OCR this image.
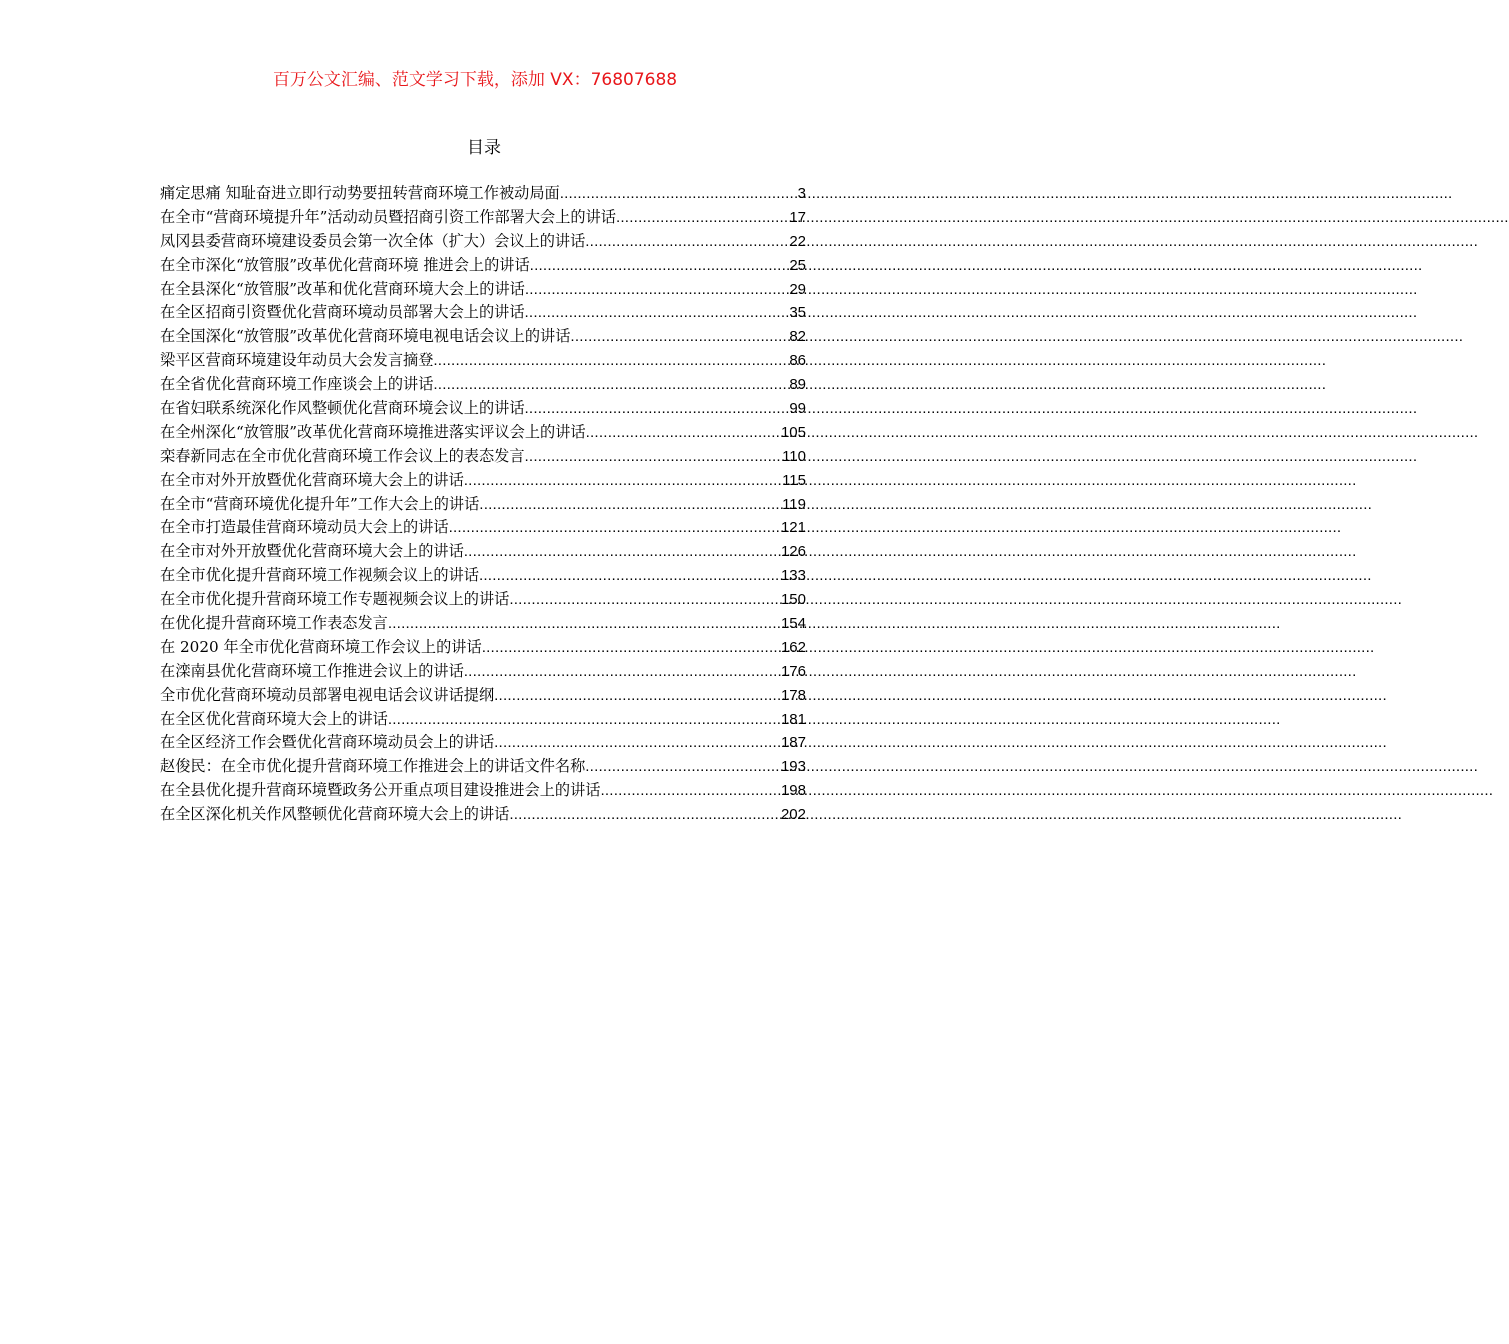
百万公文汇编、范文学习下载，添加 VX：76807688
目录
痛定思痛 知耻奋进立即行动势要扭转营商环境工作被动局面 .....	3
在全市“营商环境提升年”活动动员暨招商引资工作部署大会上的讲话 .....	17
凤冈县委营商环境建设委员会第一次全体（扩大）会议上的讲话 .....	22
在全市深化“放管服”改革优化营商环境 推进会上的讲话 .....	25
在全县深化“放管服”改革和优化营商环境大会上的讲话 .....	29
在全区招商引资暨优化营商环境动员部署大会上的讲话 .....	35
在全国深化“放管服”改革优化营商环境电视电话会议上的讲话 .....	82
梁平区营商环境建设年动员大会发言摘登 .....	86
在全省优化营商环境工作座谈会上的讲话 .....	89
在省妇联系统深化作风整顿优化营商环境会议上的讲话 .....	99
在全州深化“放管服”改革优化营商环境推进落实评议会上的讲话 .....	105
栾春新同志在全市优化营商环境工作会议上的表态发言 .....	110
在全市对外开放暨优化营商环境大会上的讲话 .....	115
在全市“营商环境优化提升年”工作大会上的讲话 .....	119
在全市打造最佳营商环境动员大会上的讲话 .....	121
在全市对外开放暨优化营商环境大会上的讲话 .....	126
在全市优化提升营商环境工作视频会议上的讲话 .....	133
在全市优化提升营商环境工作专题视频会议上的讲话 .....	150
在优化提升营商环境工作表态发言 .....	154
在 2020 年全市优化营商环境工作会议上的讲话 .....	162
在滦南县优化营商环境工作推进会议上的讲话 .....	176
全市优化营商环境动员部署电视电话会议讲话提纲 .....	178
在全区优化营商环境大会上的讲话 .....	181
在全区经济工作会暨优化营商环境动员会上的讲话 .....	187
赵俊民：在全市优化提升营商环境工作推进会上的讲话文件名称 .....	193
在全县优化提升营商环境暨政务公开重点项目建设推进会上的讲话 .....	198
在全区深化机关作风整顿优化营商环境大会上的讲话 .....	202
